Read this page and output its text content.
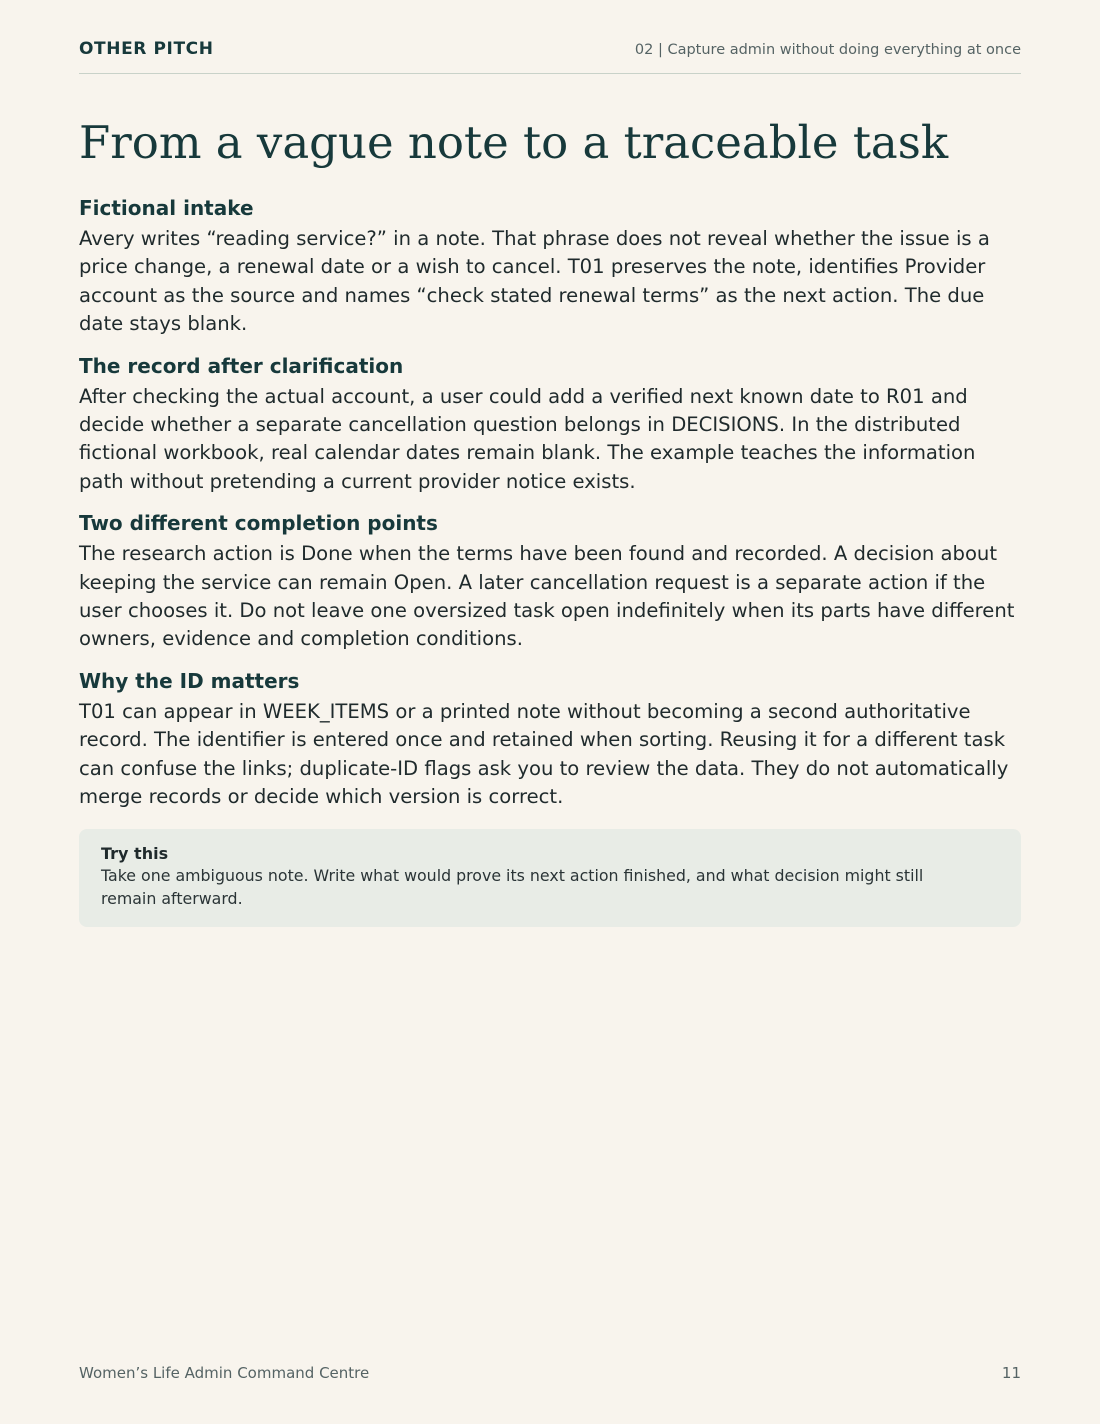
OTHER PITCH	02 | Capture admin without doing everything at once
From a vague note to a traceable task
Fictional intake

Avery writes “reading service?” in a note. That phrase does not reveal whether the issue is a price change, a renewal date or a wish to cancel. T01 preserves the note, identifies Provider account as the source and names “check stated renewal terms” as the next action. The due date stays blank.

The record after clarification

After checking the actual account, a user could add a verified next known date to R01 and decide whether a separate cancellation question belongs in DECISIONS. In the distributed fictional workbook, real calendar dates remain blank. The example teaches the information path without pretending a current provider notice exists.

Two different completion points

The research action is Done when the terms have been found and recorded. A decision about keeping the service can remain Open. A later cancellation request is a separate action if the user chooses it. Do not leave one oversized task open indefinitely when its parts have different owners, evidence and completion conditions.

Why the ID matters

T01 can appear in WEEK_ITEMS or a printed note without becoming a second authoritative record. The identifier is entered once and retained when sorting. Reusing it for a different task can confuse the links; duplicate-ID flags ask you to review the data. They do not automatically merge records or decide which version is correct.

Try this
Take one ambiguous note. Write what would prove its next action finished, and what decision might still remain afterward.
Women’s Life Admin Command Centre	11
